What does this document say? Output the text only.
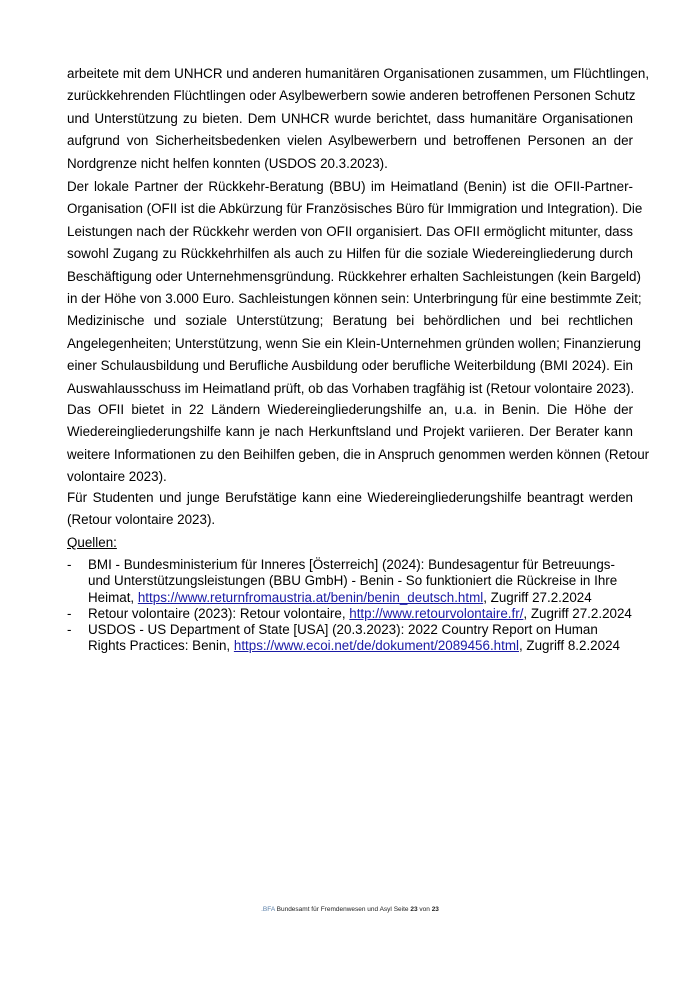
arbeitete mit dem UNHCR und anderen humanitären Organisationen zusammen, um Flüchtlingen,
zurückkehrenden Flüchtlingen oder Asylbewerbern sowie anderen betroffenen Personen Schutz
und Unterstützung zu bieten. Dem UNHCR wurde berichtet, dass humanitäre Organisationen
aufgrund von Sicherheitsbedenken vielen Asylbewerbern und betroffenen Personen an der
Nordgrenze nicht helfen konnten (USDOS 20.3.2023).
Der lokale Partner der Rückkehr-Beratung (BBU) im Heimatland (Benin) ist die OFII-Partner-
Organisation (OFII ist die Abkürzung für Französisches Büro für Immigration und Integration). Die
Leistungen nach der Rückkehr werden von OFII organisiert. Das OFII ermöglicht mitunter, dass
sowohl Zugang zu Rückkehrhilfen als auch zu Hilfen für die soziale Wiedereingliederung durch
Beschäftigung oder Unternehmensgründung. Rückkehrer erhalten Sachleistungen (kein Bargeld)
in der Höhe von 3.000 Euro. Sachleistungen können sein: Unterbringung für eine bestimmte Zeit;
Medizinische und soziale Unterstützung; Beratung bei behördlichen und bei rechtlichen
Angelegenheiten; Unterstützung, wenn Sie ein Klein-Unternehmen gründen wollen; Finanzierung
einer Schulausbildung und Berufliche Ausbildung oder berufliche Weiterbildung (BMI 2024). Ein
Auswahlausschuss im Heimatland prüft, ob das Vorhaben tragfähig ist (Retour volontaire 2023).
Das OFII bietet in 22 Ländern Wiedereingliederungshilfe an, u.a. in Benin. Die Höhe der
Wiedereingliederungshilfe kann je nach Herkunftsland und Projekt variieren. Der Berater kann
weitere Informationen zu den Beihilfen geben, die in Anspruch genommen werden können (Retour
volontaire 2023).
Für Studenten und junge Berufstätige kann eine Wiedereingliederungshilfe beantragt werden
(Retour volontaire 2023).
Quellen:
- BMI - Bundesministerium für Inneres [Österreich] (2024): Bundesagentur für Betreuungs- und Unterstützungsleistungen (BBU GmbH) - Benin - So funktioniert die Rückreise in Ihre Heimat, https://www.returnfromaustria.at/benin/benin_deutsch.html, Zugriff 27.2.2024
- Retour volontaire (2023): Retour volontaire, http://www.retourvolontaire.fr/, Zugriff 27.2.2024
- USDOS - US Department of State [USA] (20.3.2023): 2022 Country Report on Human Rights Practices: Benin, https://www.ecoi.net/de/dokument/2089456.html, Zugriff 8.2.2024
.BFA Bundesamt für Fremdenwesen und Asyl Seite 23 von 23
